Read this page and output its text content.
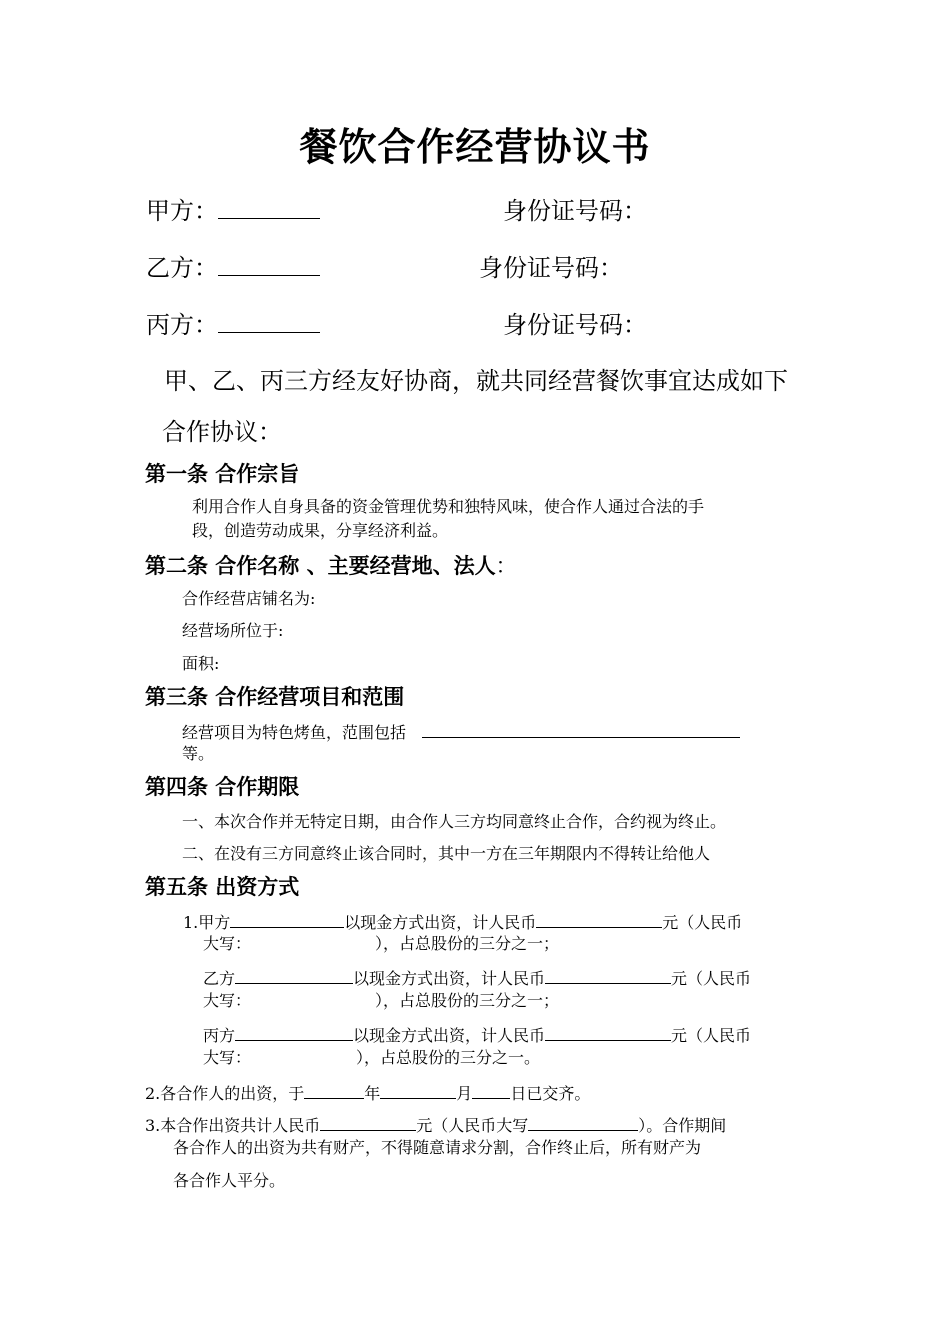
餐饮合作经营协议书
甲方：	身份证号码：
乙方：	身份证号码：
丙方：	身份证号码：
甲、乙、丙三方经友好协商，就共同经营餐饮事宜达成如下
合作协议：
第一条 合作宗旨
利用合作人自身具备的资金管理优势和独特风味，使合作人通过合法的手
段，创造劳动成果，分享经济利益。
第二条 合作名称 、主要经营地、法人：
合作经营店铺名为:
经营场所位于:
面积:
第三条 合作经营项目和范围
经营项目为特色烤鱼，范围包括
等。
第四条 合作期限
一、本次合作并无特定日期，由合作人三方均同意终止合作，合约视为终止。
二、在没有三方同意终止该合同时，其中一方在三年期限内不得转让给他人
第五条 出资方式
1.甲方	以现金方式出资，计人民币	元（人民币
大写：	），占总股份的三分之一；
乙方	以现金方式出资，计人民币	元（人民币
大写：	），占总股份的三分之一；
丙方	以现金方式出资，计人民币	元（人民币
大写：	），占总股份的三分之一。
2.各合作人的出资，于	年	月 日已交齐。
3.本合作出资共计人民币	元（人民币大写	）。合作期间
各合作人的出资为共有财产，不得随意请求分割，合作终止后，所有财产为
各合作人平分。
